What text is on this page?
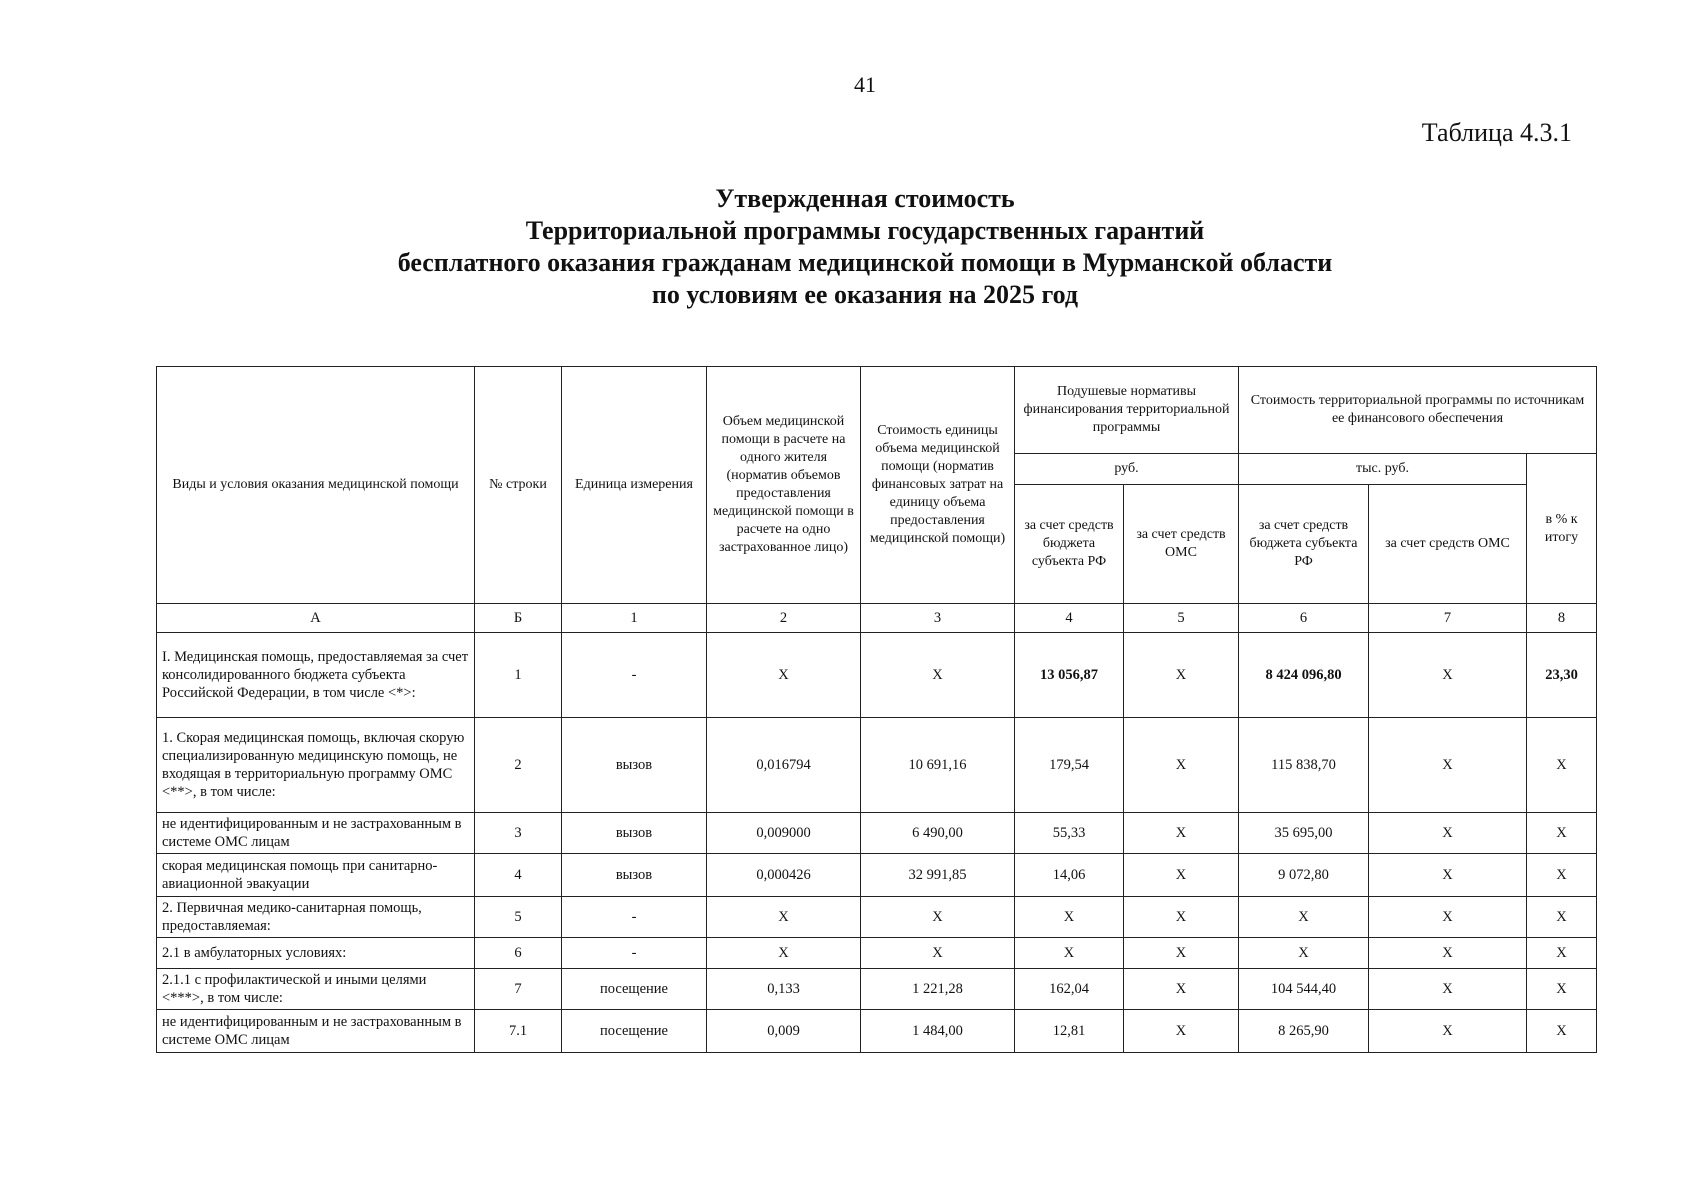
41
Таблица 4.3.1
Утвержденная стоимость
Территориальной программы государственных гарантий
бесплатного оказания гражданам медицинской помощи в Мурманской области
по условиям ее оказания на 2025 год
Виды и условия оказания медицинской помощи	№ строки	Единица измерения	Объем медицинской помощи в расчете на одного жителя (норматив объемов предоставления медицинской помощи в расчете на одно застрахованное лицо)	Стоимость единицы объема медицинской помощи (норматив финансовых затрат на единицу объема предоставления медицинской помощи)	Подушевые нормативы финансирования территориальной программы		Стоимость территориальной программы по источникам ее финансового обеспечения		
					руб.		тыс. руб.		в % к итогу
					за счет средств бюджета субъекта РФ	за счет средств ОМС	за счет средств бюджета субъекта РФ	за счет средств ОМС	
А	Б	1	2	3	4	5	6	7	8
I. Медицинская помощь, предоставляемая за счет консолидированного бюджета субъекта Российской Федерации, в том числе <*>:	1	-	Х	Х	13 056,87	Х	8 424 096,80	Х	23,30
1. Скорая медицинская помощь, включая скорую специализированную медицинскую помощь, не входящая в территориальную программу ОМС <**>, в том числе:	2	вызов	0,016794	10 691,16	179,54	Х	115 838,70	Х	Х
не идентифицированным и не застрахованным в системе ОМС лицам	3	вызов	0,009000	6 490,00	55,33	Х	35 695,00	Х	Х
скорая медицинская помощь при санитарно-авиационной эвакуации	4	вызов	0,000426	32 991,85	14,06	Х	9 072,80	Х	Х
2. Первичная медико-санитарная помощь, предоставляемая:	5	-	Х	Х	Х	Х	Х	Х	Х
2.1 в амбулаторных условиях:	6	-	Х	Х	Х	Х	Х	Х	Х
2.1.1 с профилактической и иными целями <***>, в том числе:	7	посещение	0,133	1 221,28	162,04	Х	104 544,40	Х	Х
не идентифицированным и не застрахованным в системе ОМС лицам	7.1	посещение	0,009	1 484,00	12,81	Х	8 265,90	Х	Х
